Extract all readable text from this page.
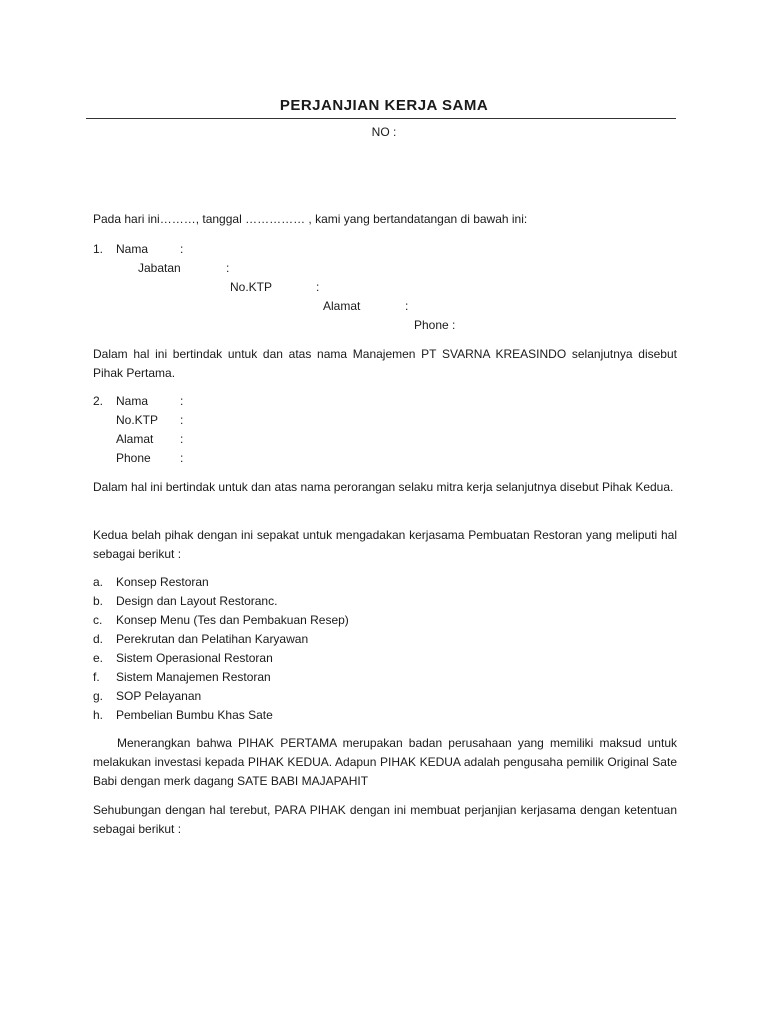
PERJANJIAN KERJA SAMA
NO :
Pada hari ini………, tanggal …………… , kami yang bertandatangan di bawah ini:
1. Nama	:
Jabatan	:
No.KTP	:
Alamat	:
Phone :
Dalam hal ini bertindak untuk dan atas nama Manajemen PT SVARNA KREASINDO selanjutnya disebut Pihak Pertama.
2. Nama	:
No.KTP :
Alamat :
Phone :
Dalam hal ini bertindak untuk dan atas nama perorangan selaku mitra kerja selanjutnya disebut Pihak Kedua.
Kedua belah pihak dengan ini sepakat untuk mengadakan kerjasama Pembuatan Restoran yang meliputi hal sebagai berikut :
a.	Konsep Restoran
b.	Design dan Layout Restoranc.
c.	Konsep Menu (Tes dan Pembakuan Resep)
d.	Perekrutan dan Pelatihan Karyawan
e.	Sistem Operasional Restoran
f.	Sistem Manajemen Restoran
g.	SOP Pelayanan
h.	Pembelian Bumbu Khas Sate
Menerangkan bahwa PIHAK PERTAMA merupakan badan perusahaan yang memiliki maksud untuk melakukan investasi kepada PIHAK KEDUA. Adapun PIHAK KEDUA adalah pengusaha pemilik Original Sate Babi dengan merk dagang SATE BABI MAJAPAHIT
Sehubungan dengan hal terebut, PARA PIHAK dengan ini membuat perjanjian kerjasama dengan ketentuan sebagai berikut :
